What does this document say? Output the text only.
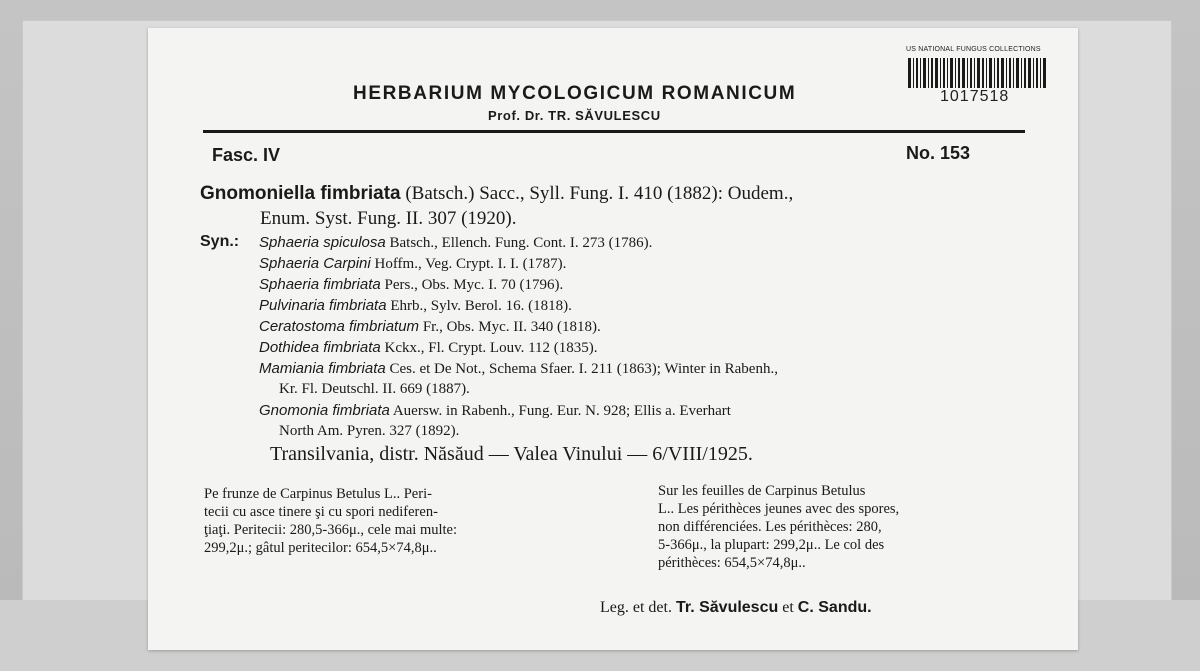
US NATIONAL FUNGUS COLLECTIONS
1017518
HERBARIUM MYCOLOGICUM ROMANICUM
Prof. Dr. TR. SĂVULESCU
Fasc. IV	No. 153
Gnomoniella fimbriata (Batsch.) Sacc., Syll. Fung. I. 410 (1882): Oudem.,
Enum. Syst. Fung. II. 307 (1920).
Syn.: Sphaeria spiculosa Batsch., Ellench. Fung. Cont. I. 273 (1786).
Sphaeria Carpini Hoffm., Veg. Crypt. I. I. (1787).
Sphaeria fimbriata Pers., Obs. Myc. I. 70 (1796).
Pulvinaria fimbriata Ehrb., Sylv. Berol. 16. (1818).
Ceratostoma fimbriatum Fr., Obs. Myc. II. 340 (1818).
Dothidea fimbriata Kckx., Fl. Crypt. Louv. 112 (1835).
Mamiania fimbriata Ces. et De Not., Schema Sfaer. I. 211 (1863); Winter in Rabenh.,
Kr. Fl. Deutschl. II. 669 (1887).
Gnomonia fimbriata Auersw. in Rabenh., Fung. Eur. N. 928; Ellis a. Everhart
North Am. Pyren. 327 (1892).
Transilvania, distr. Năsăud — Valea Vinului — 6/VIII/1925.
Pe frunze de Carpinus Betulus L.. Peri-
tecii cu asce tinere şi cu spori nediferen-
ţiaţi. Peritecii: 280,5-366μ., cele mai multe:
299,2μ.; gâtul peritecilor: 654,5×74,8μ..
Sur les feuilles de Carpinus Betulus
L.. Les périthèces jeunes avec des spores,
non différenciées. Les périthèces: 280,
5-366μ., la plupart: 299,2μ.. Le col des
périthèces: 654,5×74,8μ..
Leg. et det. Tr. Săvulescu et C. Sandu.
